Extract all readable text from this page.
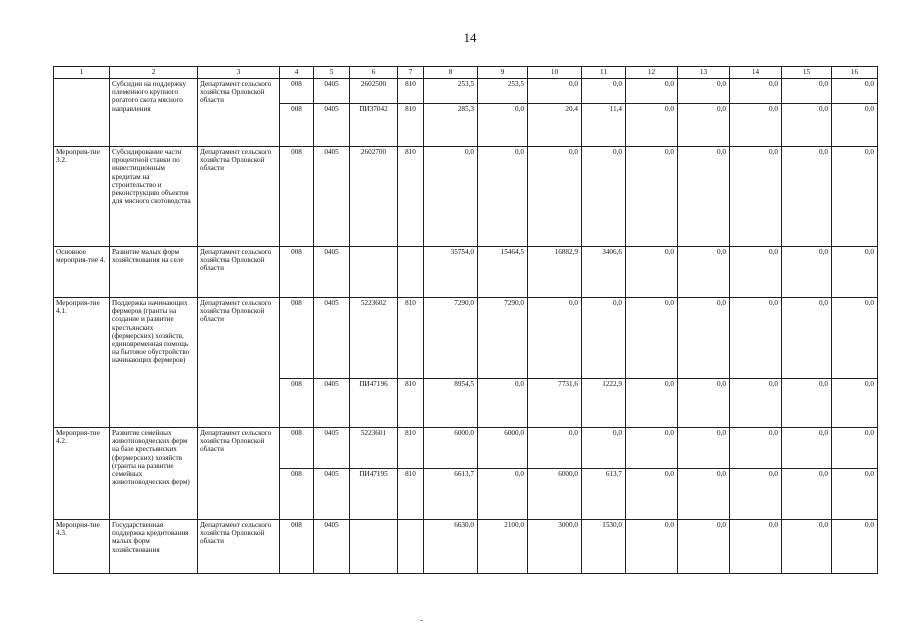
14
1	2	3	4	5	6	7	8	9	10	11	12	13	14	15	16
	Субсидии на поддержку племенного крупного рогатого скота мясного направления	Департамент сельского хозяйства Орловской области	008	0405	2602500	810	253,5	253,5	0,0	0,0	0,0	0,0	0,0	0,0	0,0
			008	0405	ПИ37042	810	285,3	0,0	20,4	11,4	0,0	0,0	0,0	0,0	0,0
Мероприя-тие 3.2.	Субсидирование части процентной ставки по инвестиционным кредитам на строительство и реконструкцию объектов для мясного скотоводства	Департамент сельского хозяйства Орловской области	008	0405	2602700	810	0,0	0,0	0,0	0,0	0,0	0,0	0,0	0,0	0,0
Основное мероприя-тие 4.	Развитие малых форм хозяйствования на селе	Департамент сельского хозяйства Орловской области	008	0405			35754,0	15464,5	16882,9	3406,6	0,0	0,0	0,0	0,0	0,0
Мероприя-тие 4.1.	Поддержка начинающих фермеров (гранты на создание и развитие крестьянских (фермерских) хозяйств, единовременная помощь на бытовое обустройство начинающих фермеров)	Департамент сельского хозяйства Орловской области	008	0405	5223602	810	7290,0	7290,0	0,0	0,0	0,0	0,0	0,0	0,0	0,0
			008	0405	ПИ47196	810	8954,5	0,0	7731,6	1222,9	0,0	0,0	0,0	0,0	0,0
Мероприя-тие 4.2.	Развитие семейных животноводческих ферм на базе крестьянских (фермерских) хозяйств (гранты на развитие семейных животноводческих ферм)	Департамент сельского хозяйства Орловской области	008	0405	5223601	810	6000,0	6000,0	0,0	0,0	0,0	0,0	0,0	0,0	0,0
			008	0405	ПИ47195	810	6613,7	0,0	6000,0	613,7	0,0	0,0	0,0	0,0	0,0
Мероприя-тие 4.3.	Государственная поддержка кредитования малых форм хозяйствования	Департамент сельского хозяйства Орловской области	008	0405			6630,0	2100,0	3000,0	1530,0	0,0	0,0	0,0	0,0	0,0
